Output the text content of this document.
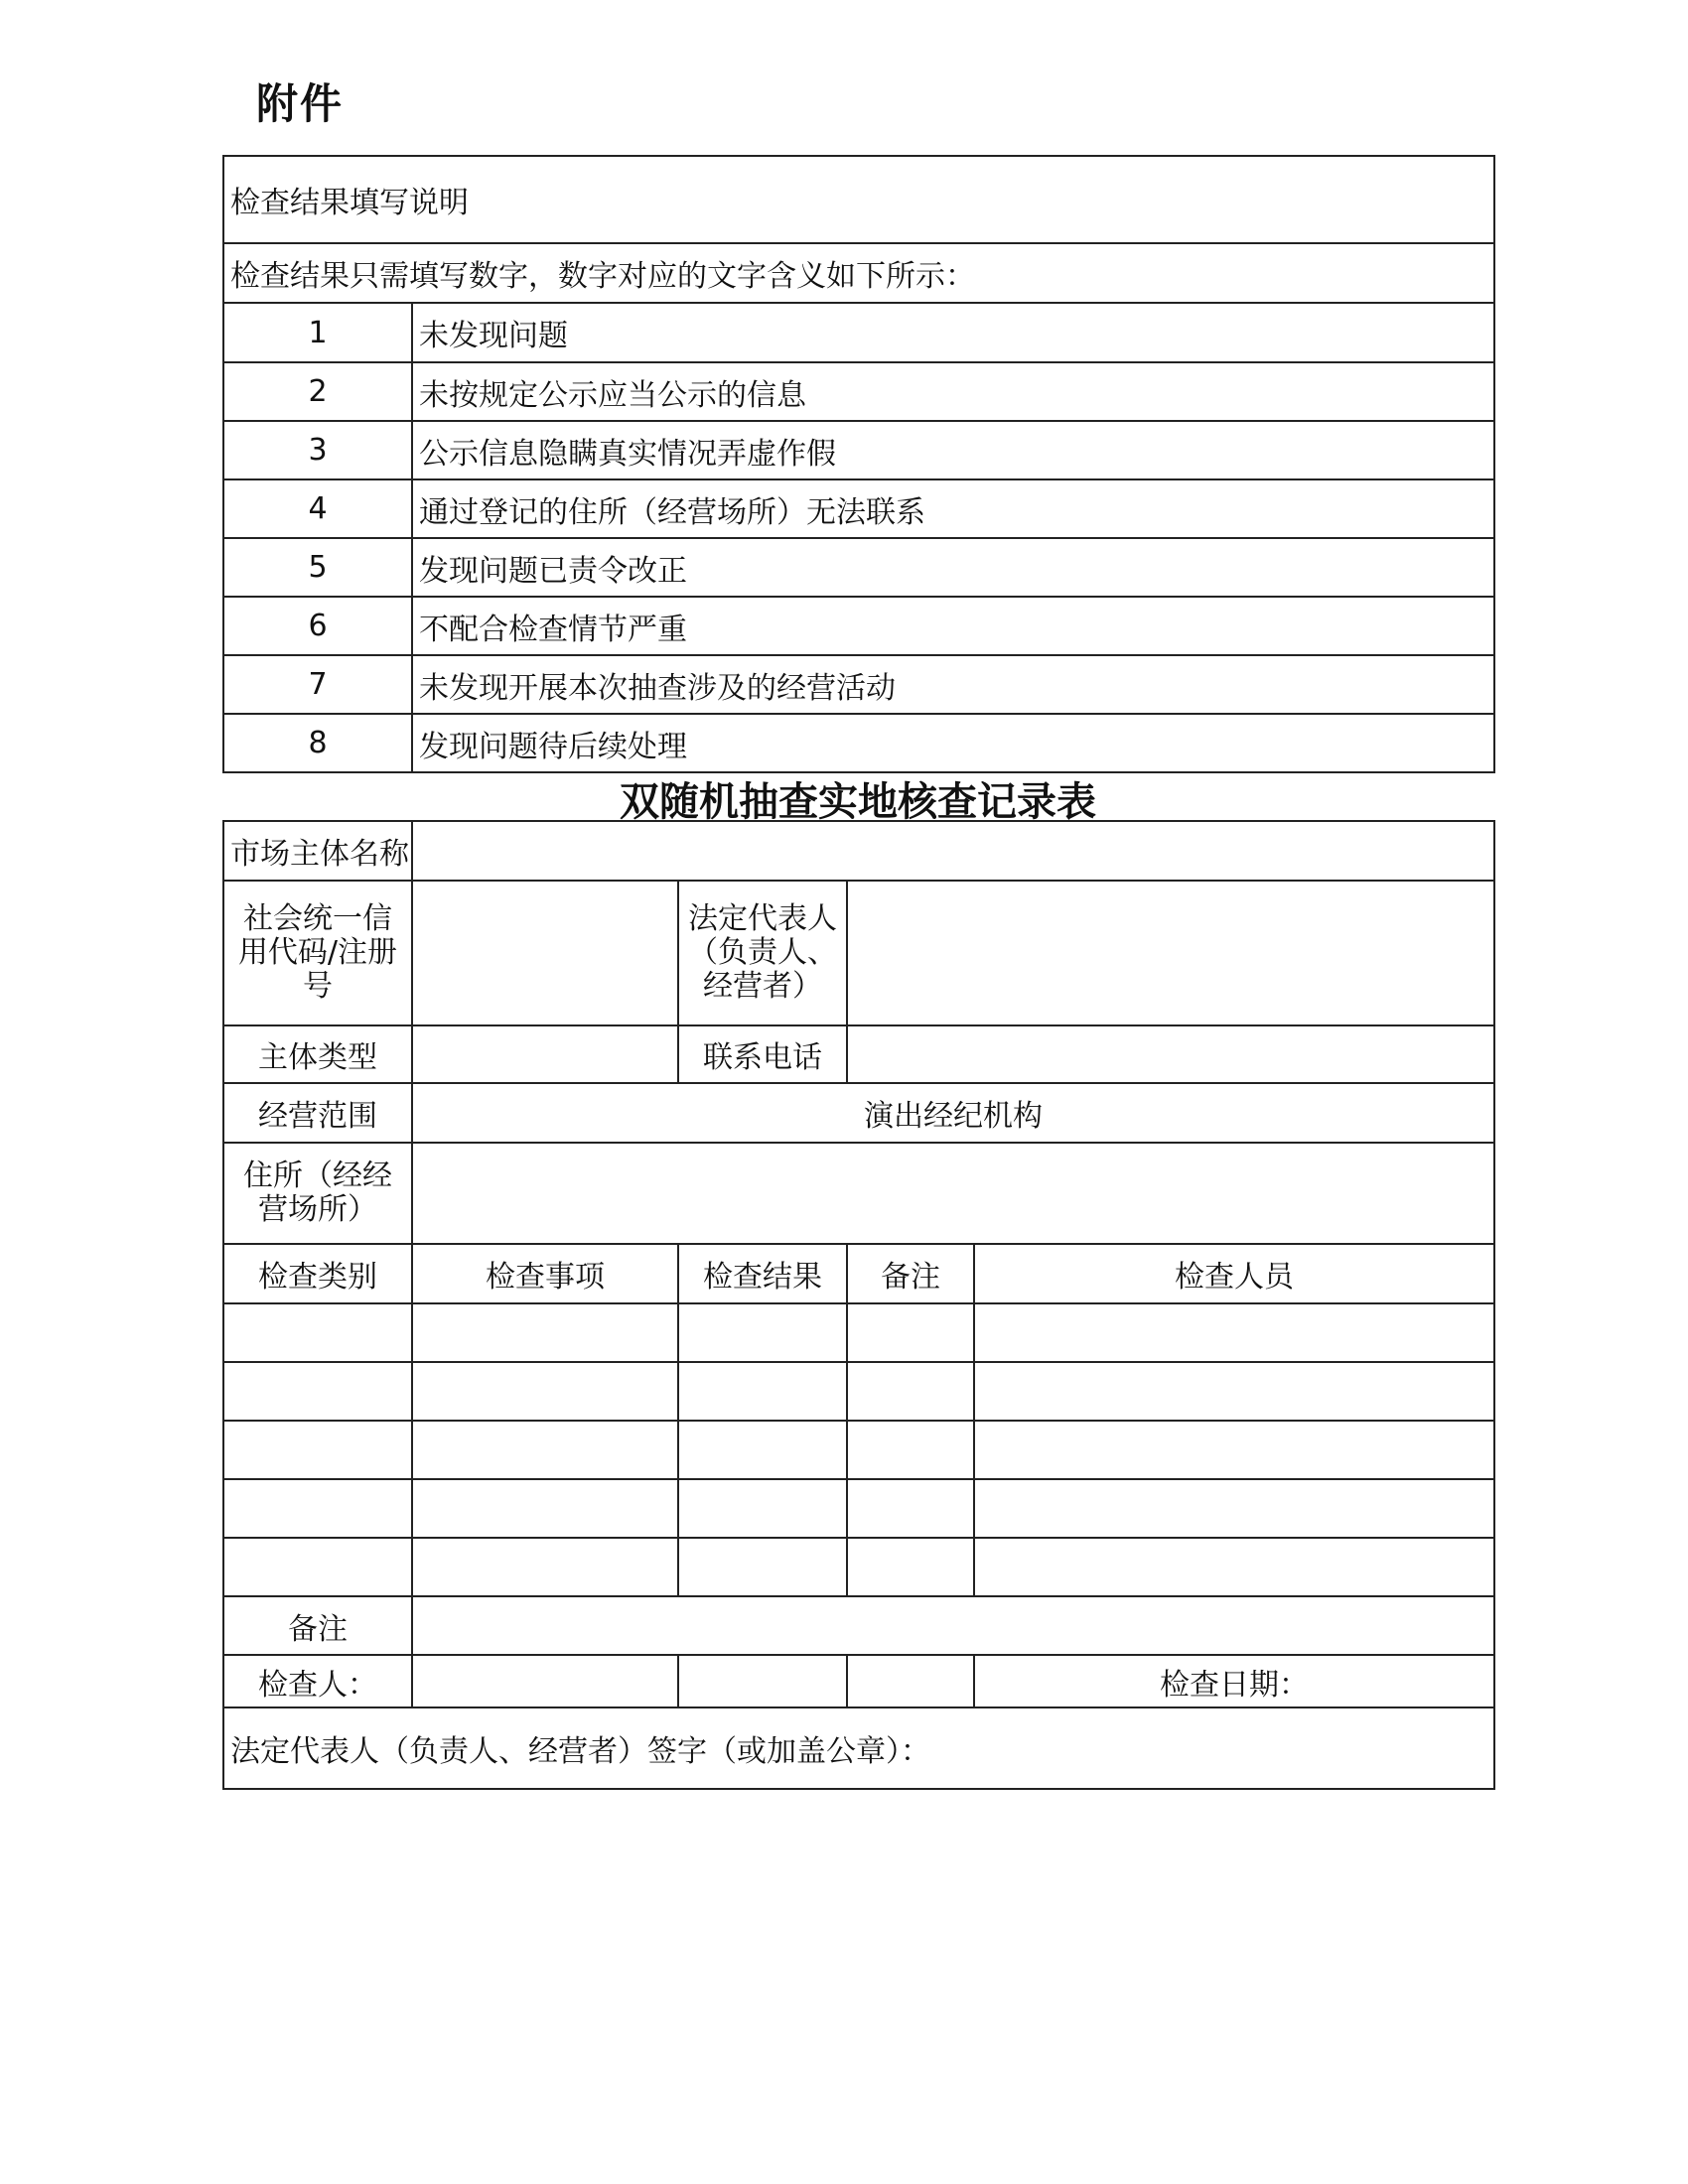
附件
检查结果填写说明	
检查结果只需填写数字，数字对应的文字含义如下所示：	
1	未发现问题
2	未按规定公示应当公示的信息
3	公示信息隐瞒真实情况弄虚作假
4	通过登记的住所（经营场所）无法联系
5	发现问题已责令改正
6	不配合检查情节严重
7	未发现开展本次抽查涉及的经营活动
8	发现问题待后续处理
双随机抽查实地核查记录表
市场主体名称				
社会统一信用代码/注册号		法定代表人（负责人、经营者）		
主体类型		联系电话		
经营范围	演出经纪机构			
住所（经经营场所）				
检查类别	检查事项	检查结果	备注	检查人员

备注				
检查人：				检查日期：
法定代表人（负责人、经营者）签字（或加盖公章）：				
